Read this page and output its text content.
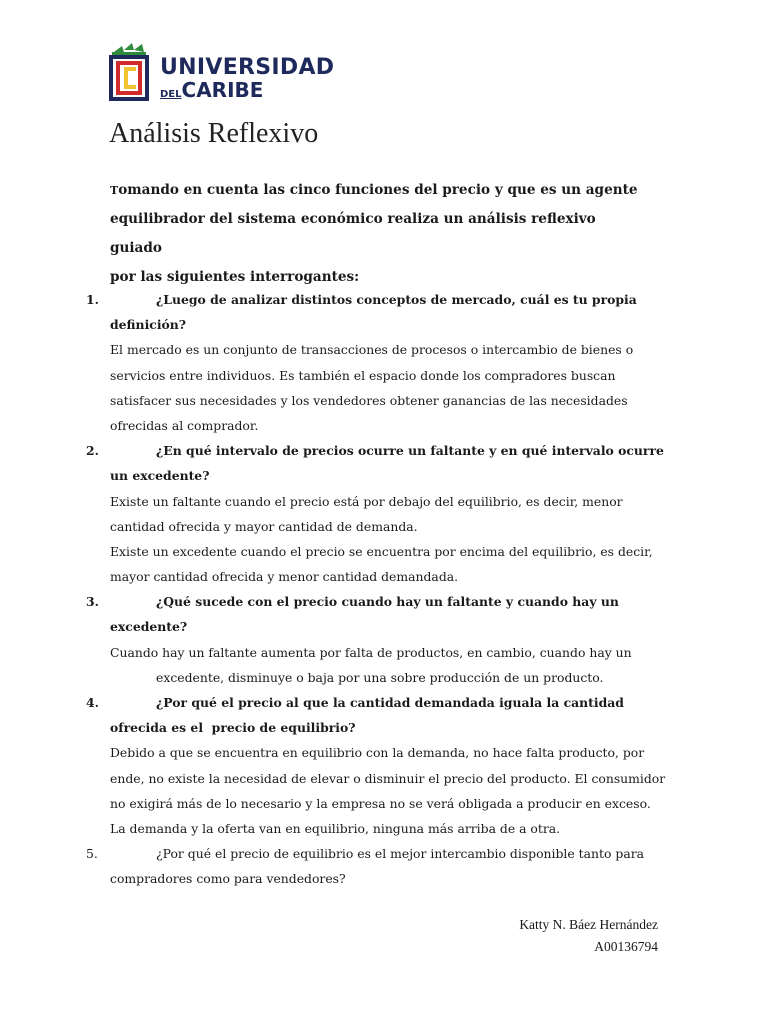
UNIVERSIDAD
DELCARIBE
Análisis Reflexivo
Tomando en cuenta las cinco funciones del precio y que es un agente
equilibrador del sistema económico realiza un análisis reflexivo guiado
por las siguientes interrogantes:
1.	¿Luego de analizar distintos conceptos de mercado, cuál es tu propia
definición?
El mercado es un conjunto de transacciones de procesos o intercambio de bienes o
servicios entre individuos. Es también el espacio donde los compradores buscan
satisfacer sus necesidades y los vendedores obtener ganancias de las necesidades
ofrecidas al comprador.
2.	¿En qué intervalo de precios ocurre un faltante y en qué intervalo ocurre
un excedente?
Existe un faltante cuando el precio está por debajo del equilibrio, es decir, menor
cantidad ofrecida y mayor cantidad de demanda.
Existe un excedente cuando el precio se encuentra por encima del equilibrio, es decir,
mayor cantidad ofrecida y menor cantidad demandada.
3.	¿Qué sucede con el precio cuando hay un faltante y cuando hay un
excedente?
Cuando hay un faltante aumenta por falta de productos, en cambio, cuando hay un
excedente, disminuye o baja por una sobre producción de un producto.
4.	¿Por qué el precio al que la cantidad demandada iguala la cantidad
ofrecida es el  precio de equilibrio?
Debido a que se encuentra en equilibrio con la demanda, no hace falta producto, por
ende, no existe la necesidad de elevar o disminuir el precio del producto. El consumidor
no exigirá más de lo necesario y la empresa no se verá obligada a producir en exceso.
La demanda y la oferta van en equilibrio, ninguna más arriba de a otra.
5.	¿Por qué el precio de equilibrio es el mejor intercambio disponible tanto para
compradores como para vendedores?
Katty N. Báez Hernández
A00136794
